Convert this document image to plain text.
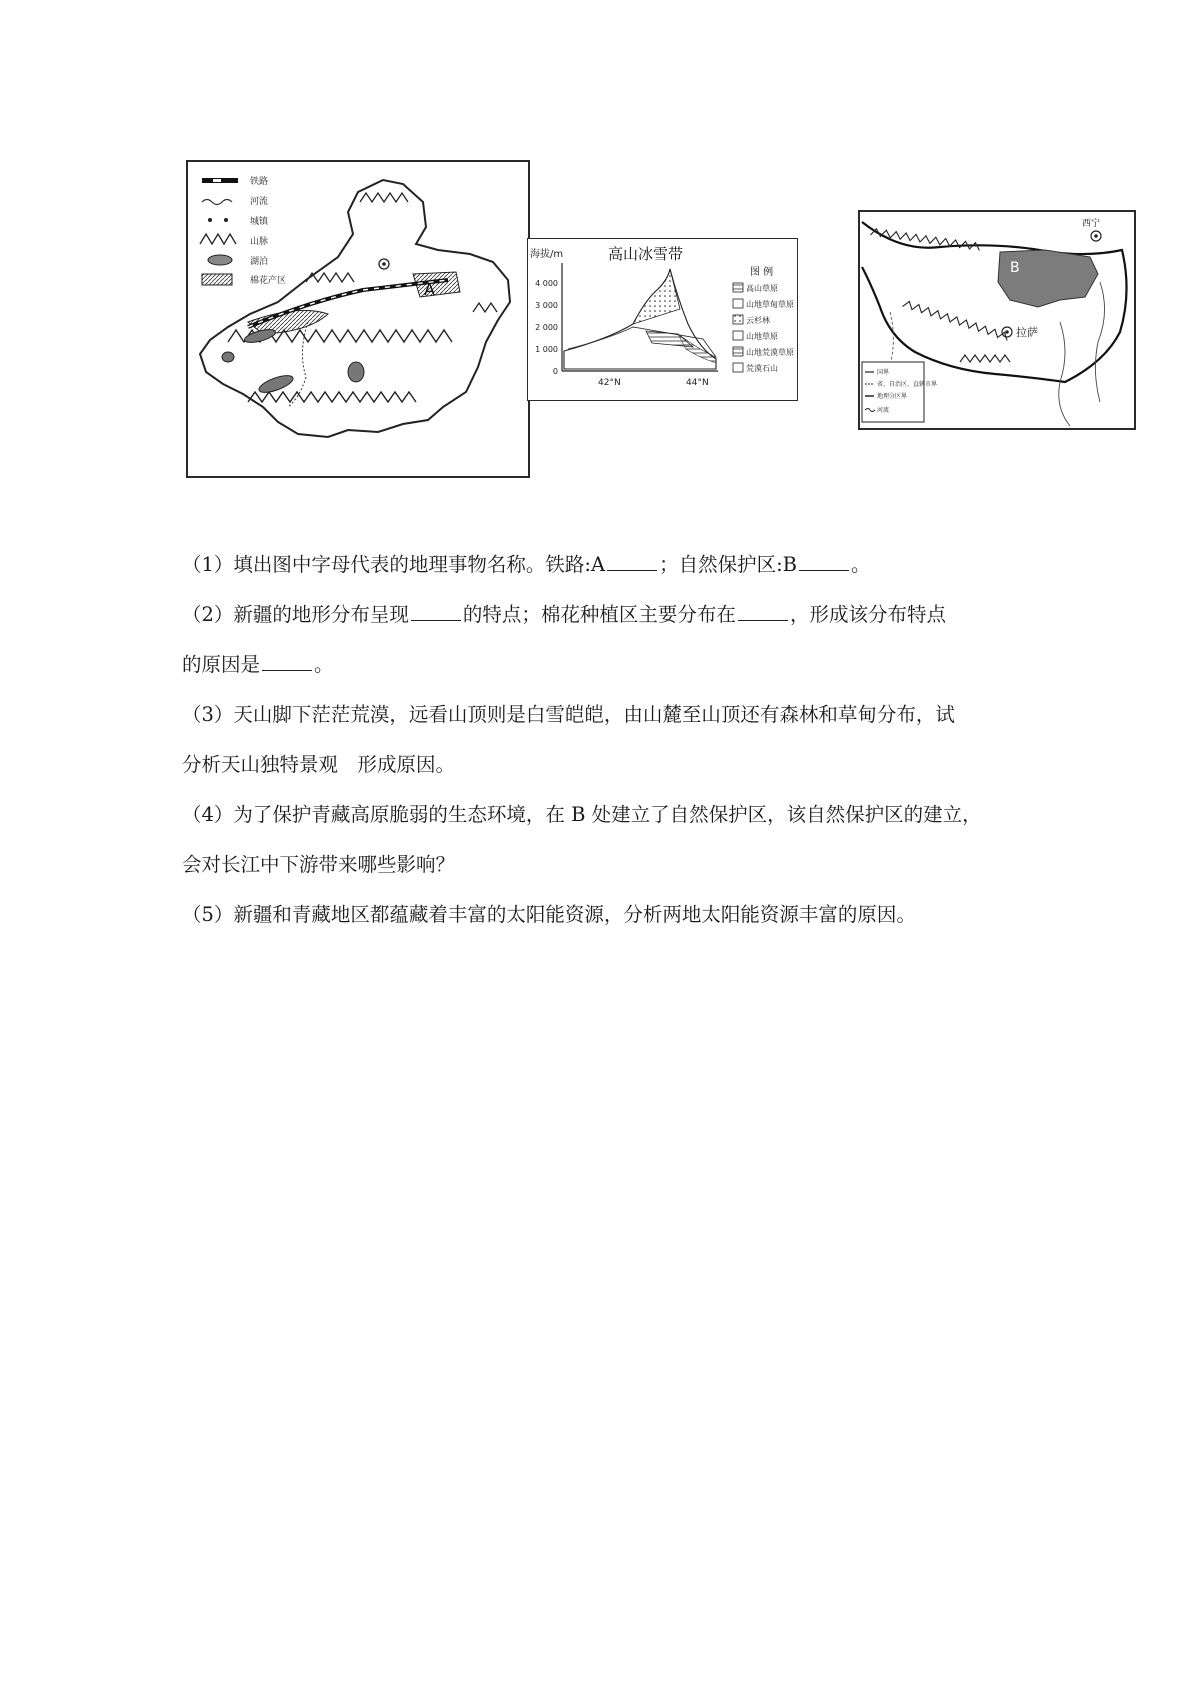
铁路
河流
城镇
山脉
湖泊
棉花产区	A
海拔/m	高山冰雪带
4 000
3 000
2 000
1 000
0
42°N	44°N
图 例
高山草原
山地草甸草原
云杉林
山地草原
山地荒漠草原
荒漠石山
B
西宁
拉萨
国界
省、自治区、直辖市界
地理分区界
河流
（1）填出图中字母代表的地理事物名称。铁路:A	；自然保护区:B	。
（2）新疆的地形分布呈现	的特点；棉花种植区主要分布在	，形成该分布特点
的原因是	。
（3）天山脚下茫茫荒漠，远看山顶则是白雪皑皑，由山麓至山顶还有森林和草甸分布，试
分析天山独特景观　形成原因。
（4）为了保护青藏高原脆弱的生态环境，在 B 处建立了自然保护区，该自然保护区的建立，
会对长江中下游带来哪些影响？
（5）新疆和青藏地区都蕴藏着丰富的太阳能资源，分析两地太阳能资源丰富的原因。
